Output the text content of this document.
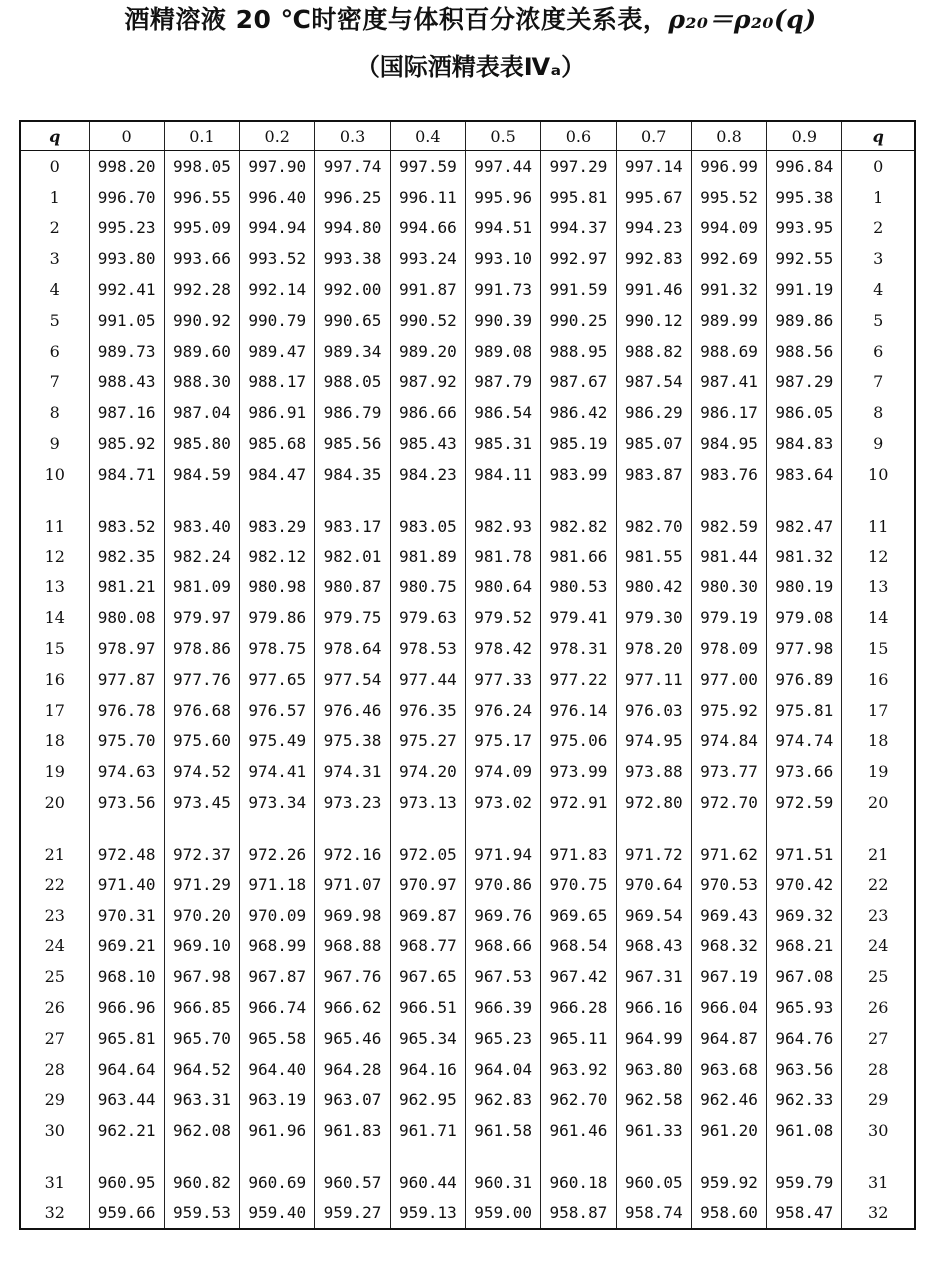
酒精溶液 20 ℃时密度与体积百分浓度关系表，ρ₂₀＝ρ₂₀(q)
（国际酒精表表Ⅳₐ）
q	0	0.1	0.2	0.3	0.4	0.5	0.6	0.7	0.8	0.9	q
0	998.20	998.05	997.90	997.74	997.59	997.44	997.29	997.14	996.99	996.84	0
1	996.70	996.55	996.40	996.25	996.11	995.96	995.81	995.67	995.52	995.38	1
2	995.23	995.09	994.94	994.80	994.66	994.51	994.37	994.23	994.09	993.95	2
3	993.80	993.66	993.52	993.38	993.24	993.10	992.97	992.83	992.69	992.55	3
4	992.41	992.28	992.14	992.00	991.87	991.73	991.59	991.46	991.32	991.19	4
5	991.05	990.92	990.79	990.65	990.52	990.39	990.25	990.12	989.99	989.86	5
6	989.73	989.60	989.47	989.34	989.20	989.08	988.95	988.82	988.69	988.56	6
7	988.43	988.30	988.17	988.05	987.92	987.79	987.67	987.54	987.41	987.29	7
8	987.16	987.04	986.91	986.79	986.66	986.54	986.42	986.29	986.17	986.05	8
9	985.92	985.80	985.68	985.56	985.43	985.31	985.19	985.07	984.95	984.83	9
10	984.71	984.59	984.47	984.35	984.23	984.11	983.99	983.87	983.76	983.64	10
11	983.52	983.40	983.29	983.17	983.05	982.93	982.82	982.70	982.59	982.47	11
12	982.35	982.24	982.12	982.01	981.89	981.78	981.66	981.55	981.44	981.32	12
13	981.21	981.09	980.98	980.87	980.75	980.64	980.53	980.42	980.30	980.19	13
14	980.08	979.97	979.86	979.75	979.63	979.52	979.41	979.30	979.19	979.08	14
15	978.97	978.86	978.75	978.64	978.53	978.42	978.31	978.20	978.09	977.98	15
16	977.87	977.76	977.65	977.54	977.44	977.33	977.22	977.11	977.00	976.89	16
17	976.78	976.68	976.57	976.46	976.35	976.24	976.14	976.03	975.92	975.81	17
18	975.70	975.60	975.49	975.38	975.27	975.17	975.06	974.95	974.84	974.74	18
19	974.63	974.52	974.41	974.31	974.20	974.09	973.99	973.88	973.77	973.66	19
20	973.56	973.45	973.34	973.23	973.13	973.02	972.91	972.80	972.70	972.59	20
21	972.48	972.37	972.26	972.16	972.05	971.94	971.83	971.72	971.62	971.51	21
22	971.40	971.29	971.18	971.07	970.97	970.86	970.75	970.64	970.53	970.42	22
23	970.31	970.20	970.09	969.98	969.87	969.76	969.65	969.54	969.43	969.32	23
24	969.21	969.10	968.99	968.88	968.77	968.66	968.54	968.43	968.32	968.21	24
25	968.10	967.98	967.87	967.76	967.65	967.53	967.42	967.31	967.19	967.08	25
26	966.96	966.85	966.74	966.62	966.51	966.39	966.28	966.16	966.04	965.93	26
27	965.81	965.70	965.58	965.46	965.34	965.23	965.11	964.99	964.87	964.76	27
28	964.64	964.52	964.40	964.28	964.16	964.04	963.92	963.80	963.68	963.56	28
29	963.44	963.31	963.19	963.07	962.95	962.83	962.70	962.58	962.46	962.33	29
30	962.21	962.08	961.96	961.83	961.71	961.58	961.46	961.33	961.20	961.08	30
31	960.95	960.82	960.69	960.57	960.44	960.31	960.18	960.05	959.92	959.79	31
32	959.66	959.53	959.40	959.27	959.13	959.00	958.87	958.74	958.60	958.47	32
